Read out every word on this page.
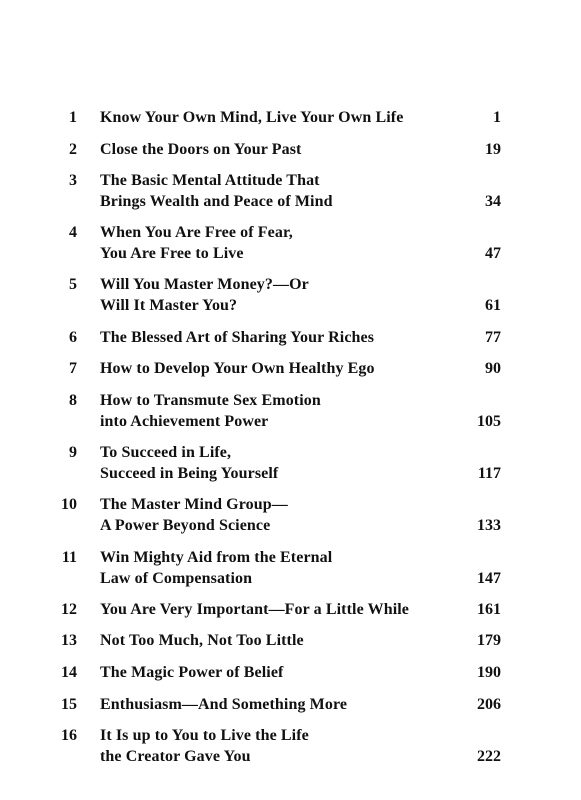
1 Know Your Own Mind, Live Your Own Life	1
2 Close the Doors on Your Past	19
3 The Basic Mental Attitude That
Brings Wealth and Peace of Mind	34
4 When You Are Free of Fear,
You Are Free to Live	47
5 Will You Master Money?—Or
Will It Master You?	61
6 The Blessed Art of Sharing Your Riches	77
7 How to Develop Your Own Healthy Ego	90
8 How to Transmute Sex Emotion
into Achievement Power	105
9 To Succeed in Life,
Succeed in Being Yourself	117
10 The Master Mind Group—
A Power Beyond Science	133
11 Win Mighty Aid from the Eternal
Law of Compensation	147
12 You Are Very Important—For a Little While	161
13 Not Too Much, Not Too Little	179
14 The Magic Power of Belief	190
15 Enthusiasm—And Something More	206
16 It Is up to You to Live the Life
the Creator Gave You	222
